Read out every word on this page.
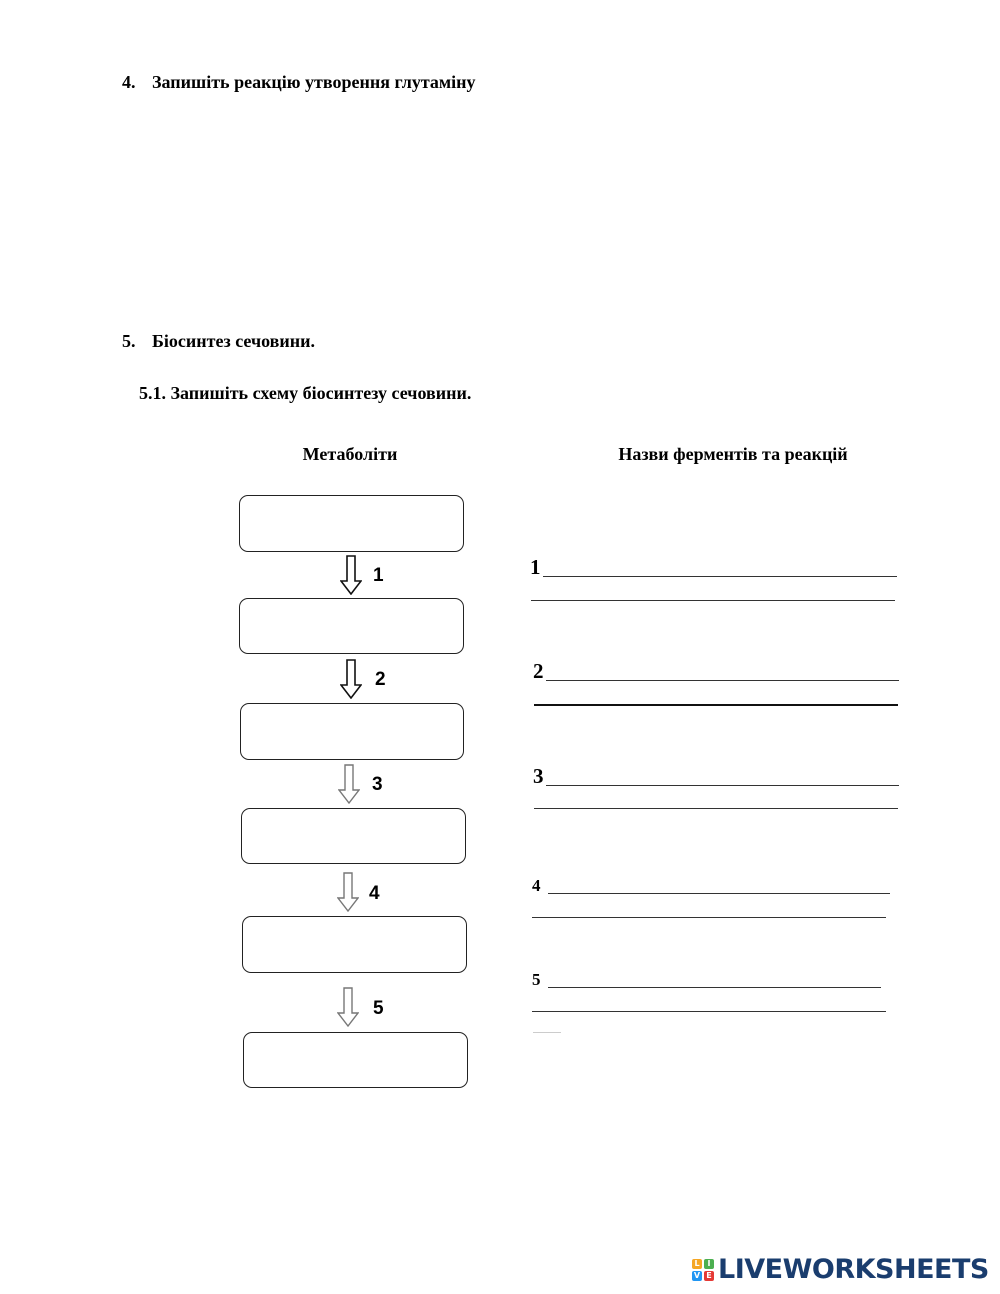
4. Запишіть реакцію утворення глутаміну
5. Біосинтез сечовини.
5.1. Запишіть схему біосинтезу сечовини.
Метаболіти	Назви ферментів та реакцій
1
2
3
4
5
1
2
3
4
5
L I
V E LIVEWORKSHEETS
